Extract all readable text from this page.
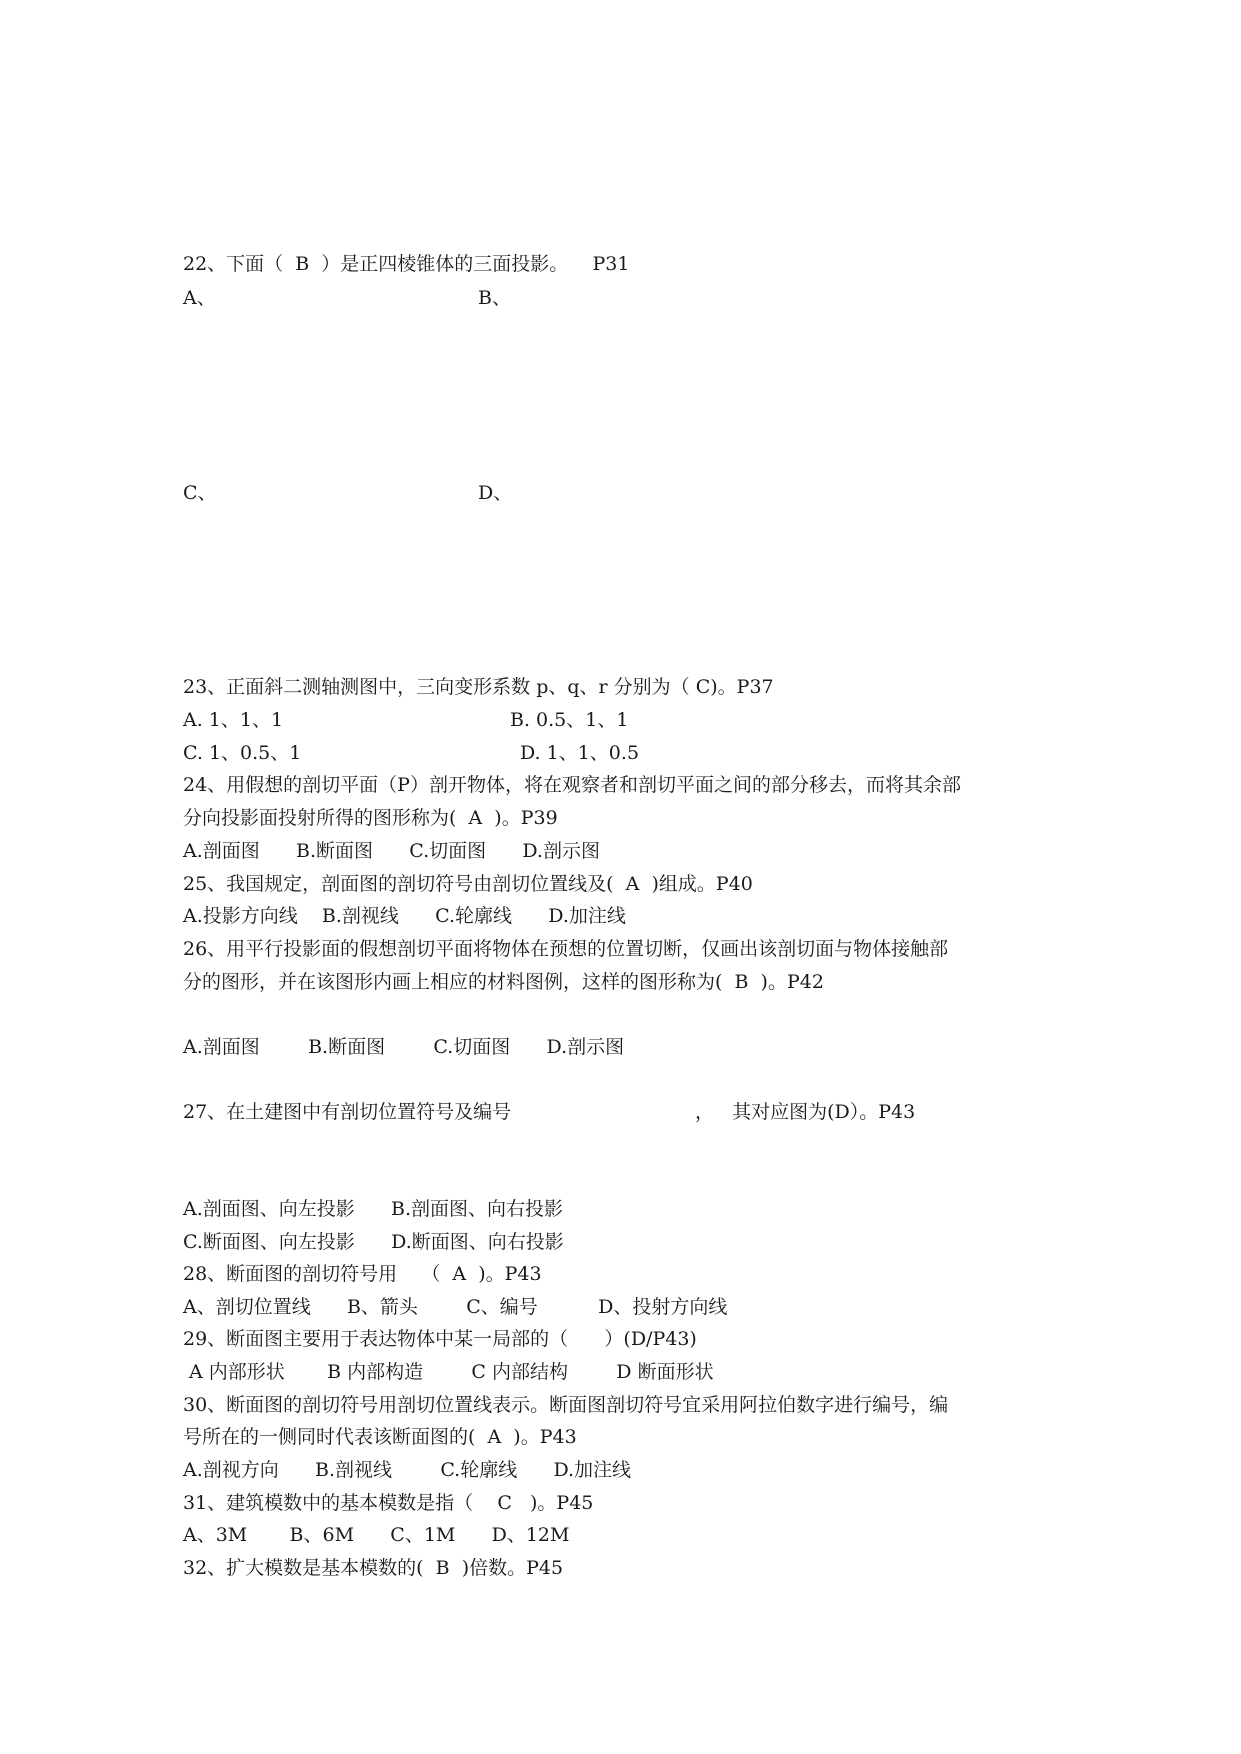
22、下面（  B  ）是正四棱锥体的三面投影。    P31
A、	B、
C、	D、
23、正面斜二测轴测图中，三向变形系数 p、q、r 分别为（ C)。P37
A. 1、1、1	B. 0.5、1、1
C. 1、0.5、1	D. 1、1、0.5
24、用假想的剖切平面（P）剖开物体，将在观察者和剖切平面之间的部分移去，而将其余部
分向投影面投射所得的图形称为(  A  )。P39
A.剖面图      B.断面图      C.切面图      D.剖示图
25、我国规定，剖面图的剖切符号由剖切位置线及(  A  )组成。P40
A.投影方向线    B.剖视线      C.轮廓线      D.加注线
26、用平行投影面的假想剖切平面将物体在预想的位置切断，仅画出该剖切面与物体接触部
分的图形，并在该图形内画上相应的材料图例，这样的图形称为(  B  )。P42
A.剖面图        B.断面图        C.切面图      D.剖示图
27、在土建图中有剖切位置符号及编号	，   其对应图为(D）。P43
A.剖面图、向左投影      B.剖面图、向右投影
C.断面图、向左投影      D.断面图、向右投影
28、断面图的剖切符号用    （  A  )。P43
A、剖切位置线      B、箭头        C、编号          D、投射方向线
29、断面图主要用于表达物体中某一局部的（      ）(D/P43)
A 内部形状       B 内部构造        C 内部结构        D 断面形状
30、断面图的剖切符号用剖切位置线表示。断面图剖切符号宜采用阿拉伯数字进行编号，编
号所在的一侧同时代表该断面图的(  A  )。P43
A.剖视方向      B.剖视线        C.轮廓线      D.加注线
31、建筑模数中的基本模数是指（    C   )。P45
A、3M       B、6M      C、1M      D、12M
32、扩大模数是基本模数的(  B  )倍数。P45
